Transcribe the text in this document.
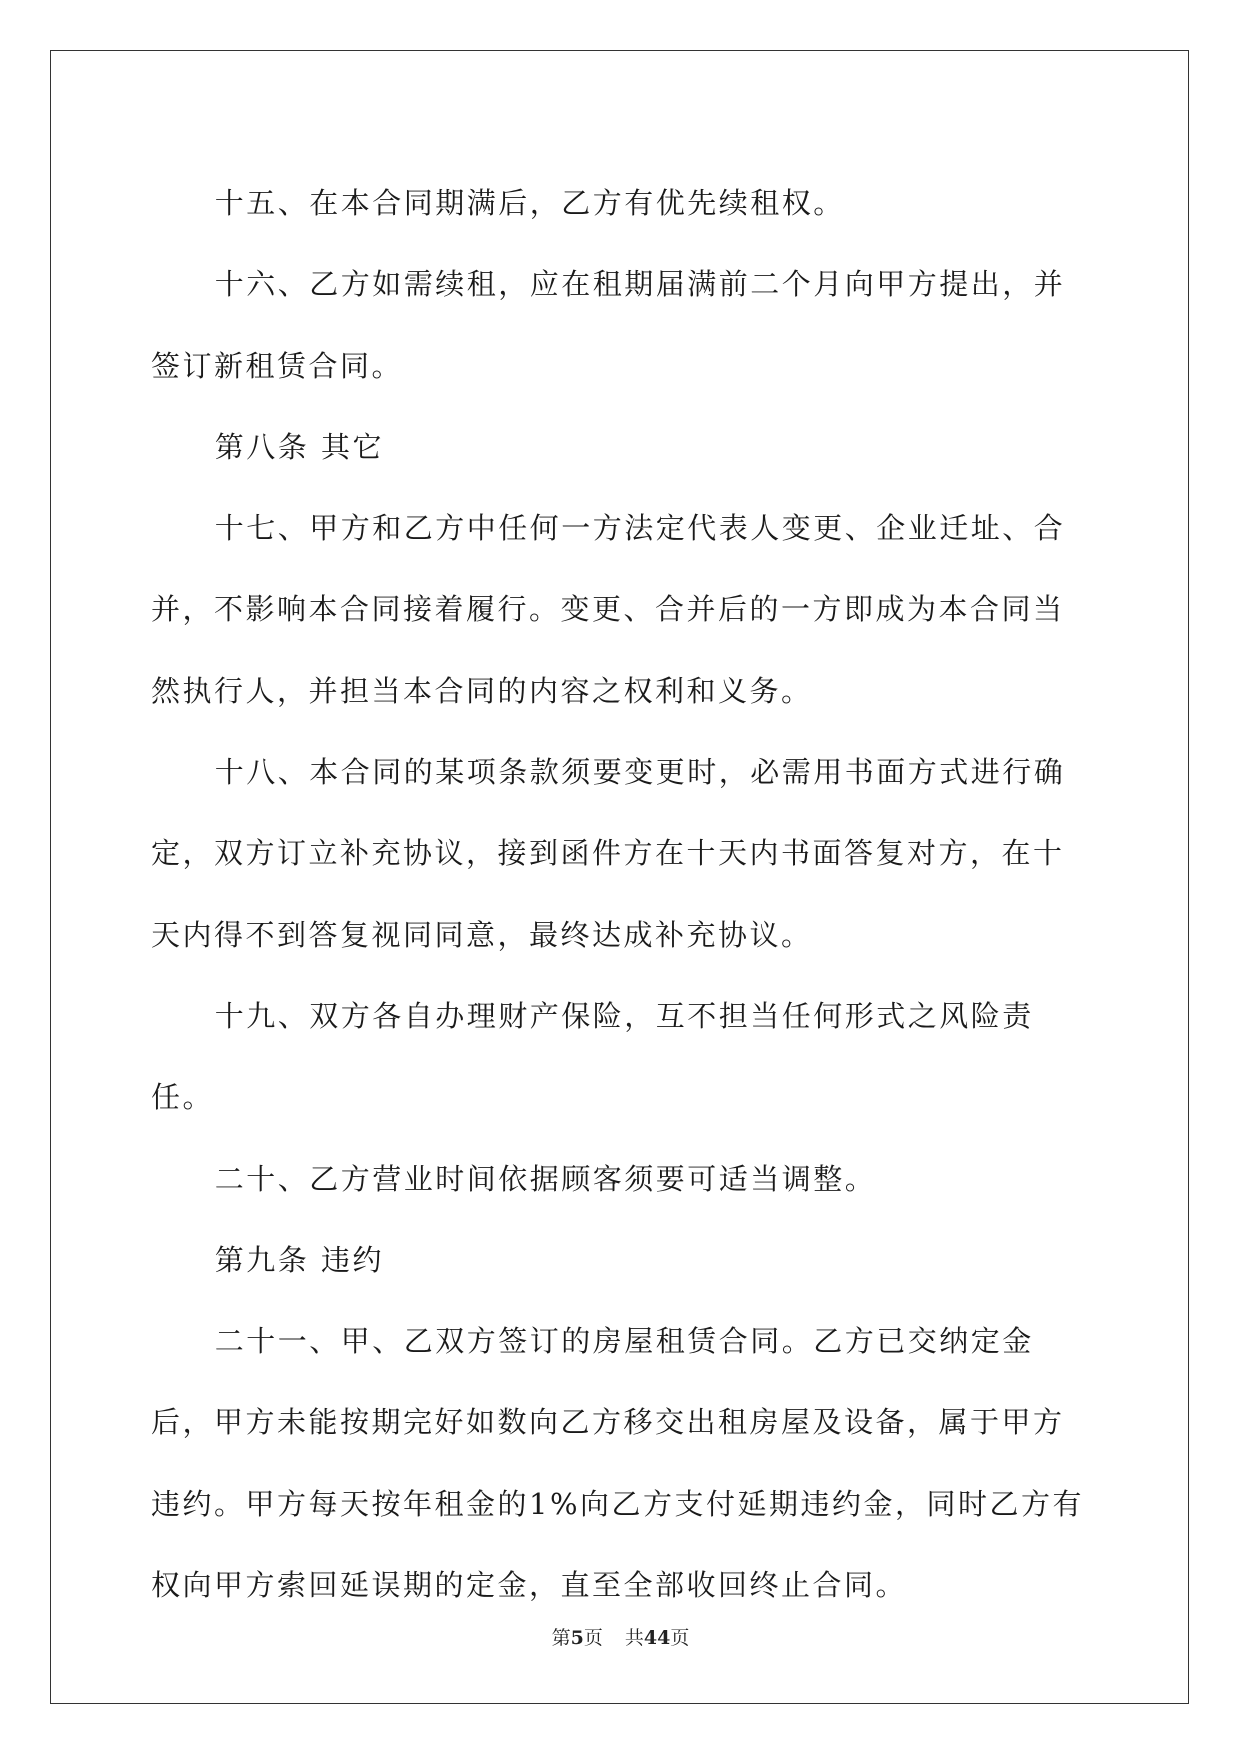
十五、在本合同期满后，乙方有优先续租权。

十六、乙方如需续租，应在租期届满前二个月向甲方提出，并签订新租赁合同。

第八条 其它

十七、甲方和乙方中任何一方法定代表人变更、企业迁址、合并，不影响本合同接着履行。变更、合并后的一方即成为本合同当然执行人，并担当本合同的内容之权利和义务。

十八、本合同的某项条款须要变更时，必需用书面方式进行确定，双方订立补充协议，接到函件方在十天内书面答复对方，在十天内得不到答复视同同意，最终达成补充协议。

十九、双方各自办理财产保险，互不担当任何形式之风险责任。

二十、乙方营业时间依据顾客须要可适当调整。

第九条 违约

二十一、甲、乙双方签订的房屋租赁合同。乙方已交纳定金后，甲方未能按期完好如数向乙方移交出租房屋及设备，属于甲方违约。甲方每天按年租金的1%向乙方支付延期违约金，同时乙方有权向甲方索回延误期的定金，直至全部收回终止合同。

第5页 共44页
